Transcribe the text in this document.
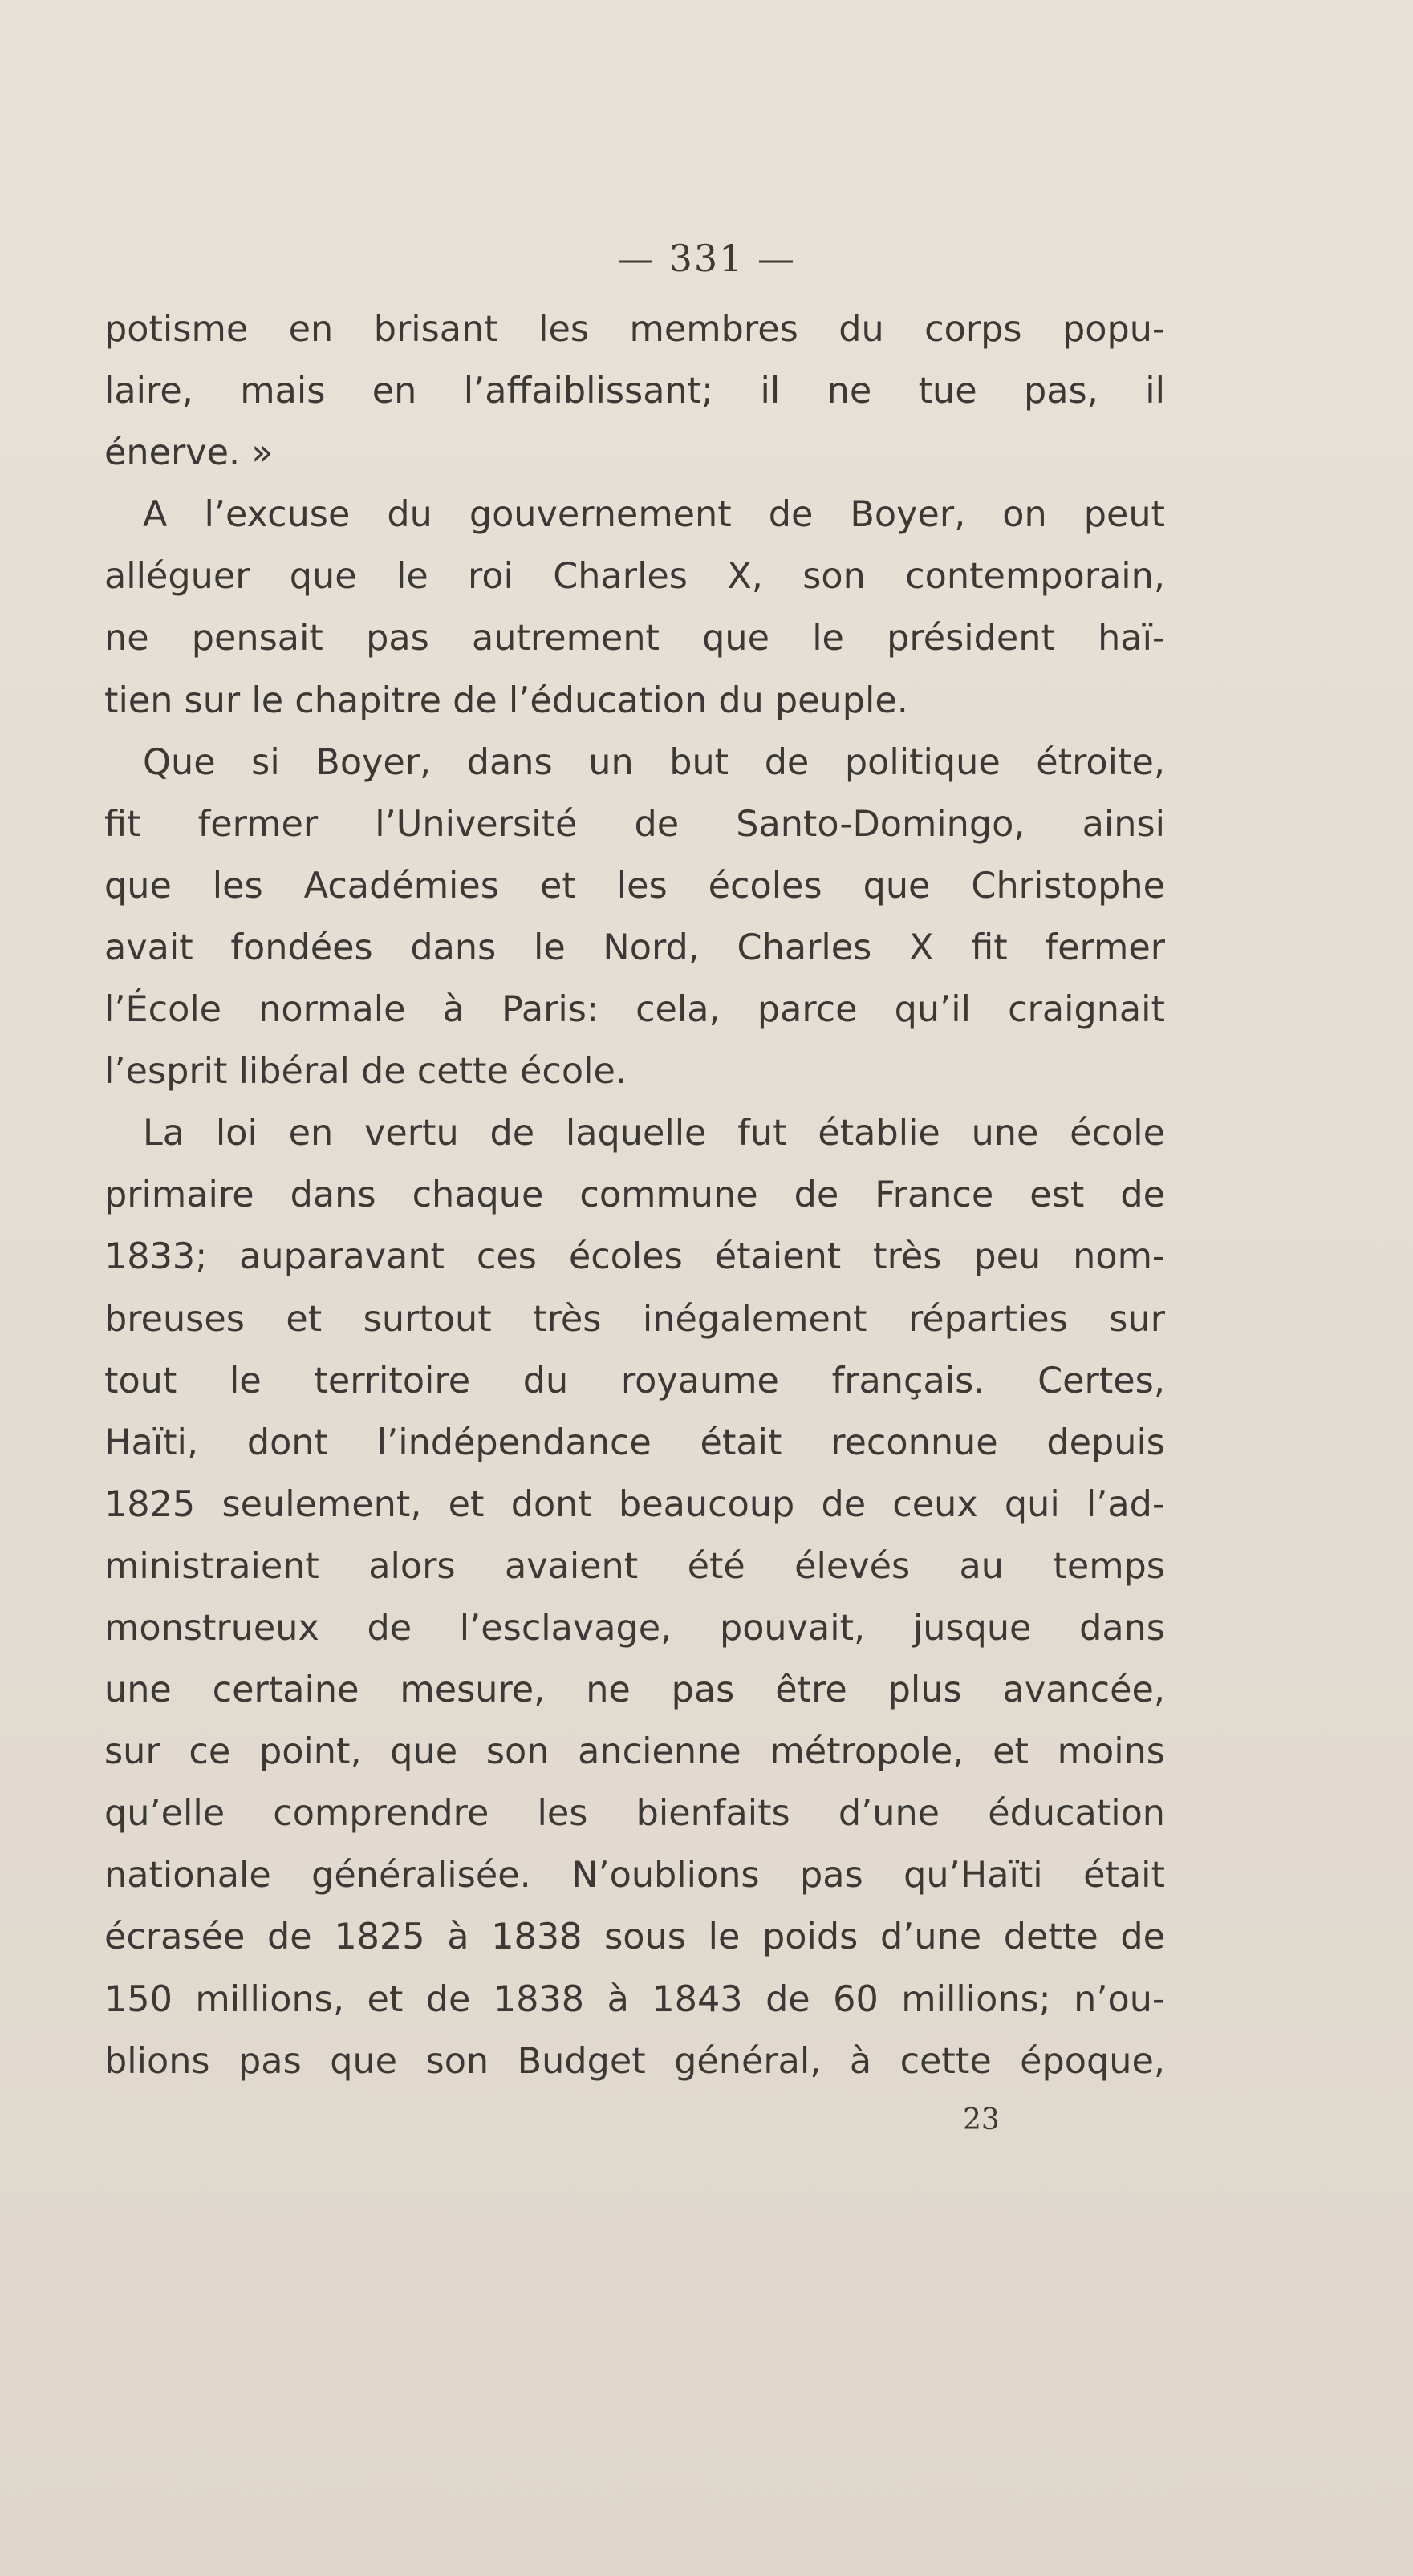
— 331 —
potisme en brisant les membres du corps popu-
laire, mais en l’affaiblissant; il ne tue pas, il
énerve. »
A l’excuse du gouvernement de Boyer, on peut
alléguer que le roi Charles X, son contemporain,
ne pensait pas autrement que le président haï-
tien sur le chapitre de l’éducation du peuple.
Que si Boyer, dans un but de politique étroite,
fit fermer l’Université de Santo-Domingo, ainsi
que les Académies et les écoles que Christophe
avait fondées dans le Nord, Charles X fit fermer
l’École normale à Paris: cela, parce qu’il craignait
l’esprit libéral de cette école.
La loi en vertu de laquelle fut établie une école
primaire dans chaque commune de France est de
1833; auparavant ces écoles étaient très peu nom-
breuses et surtout très inégalement réparties sur
tout le territoire du royaume français. Certes,
Haïti, dont l’indépendance était reconnue depuis
1825 seulement, et dont beaucoup de ceux qui l’ad-
ministraient alors avaient été élevés au temps
monstrueux de l’esclavage, pouvait, jusque dans
une certaine mesure, ne pas être plus avancée,
sur ce point, que son ancienne métropole, et moins
qu’elle comprendre les bienfaits d’une éducation
nationale généralisée. N’oublions pas qu’Haïti était
écrasée de 1825 à 1838 sous le poids d’une dette de
150 millions, et de 1838 à 1843 de 60 millions; n’ou-
blions pas que son Budget général, à cette époque,
23
